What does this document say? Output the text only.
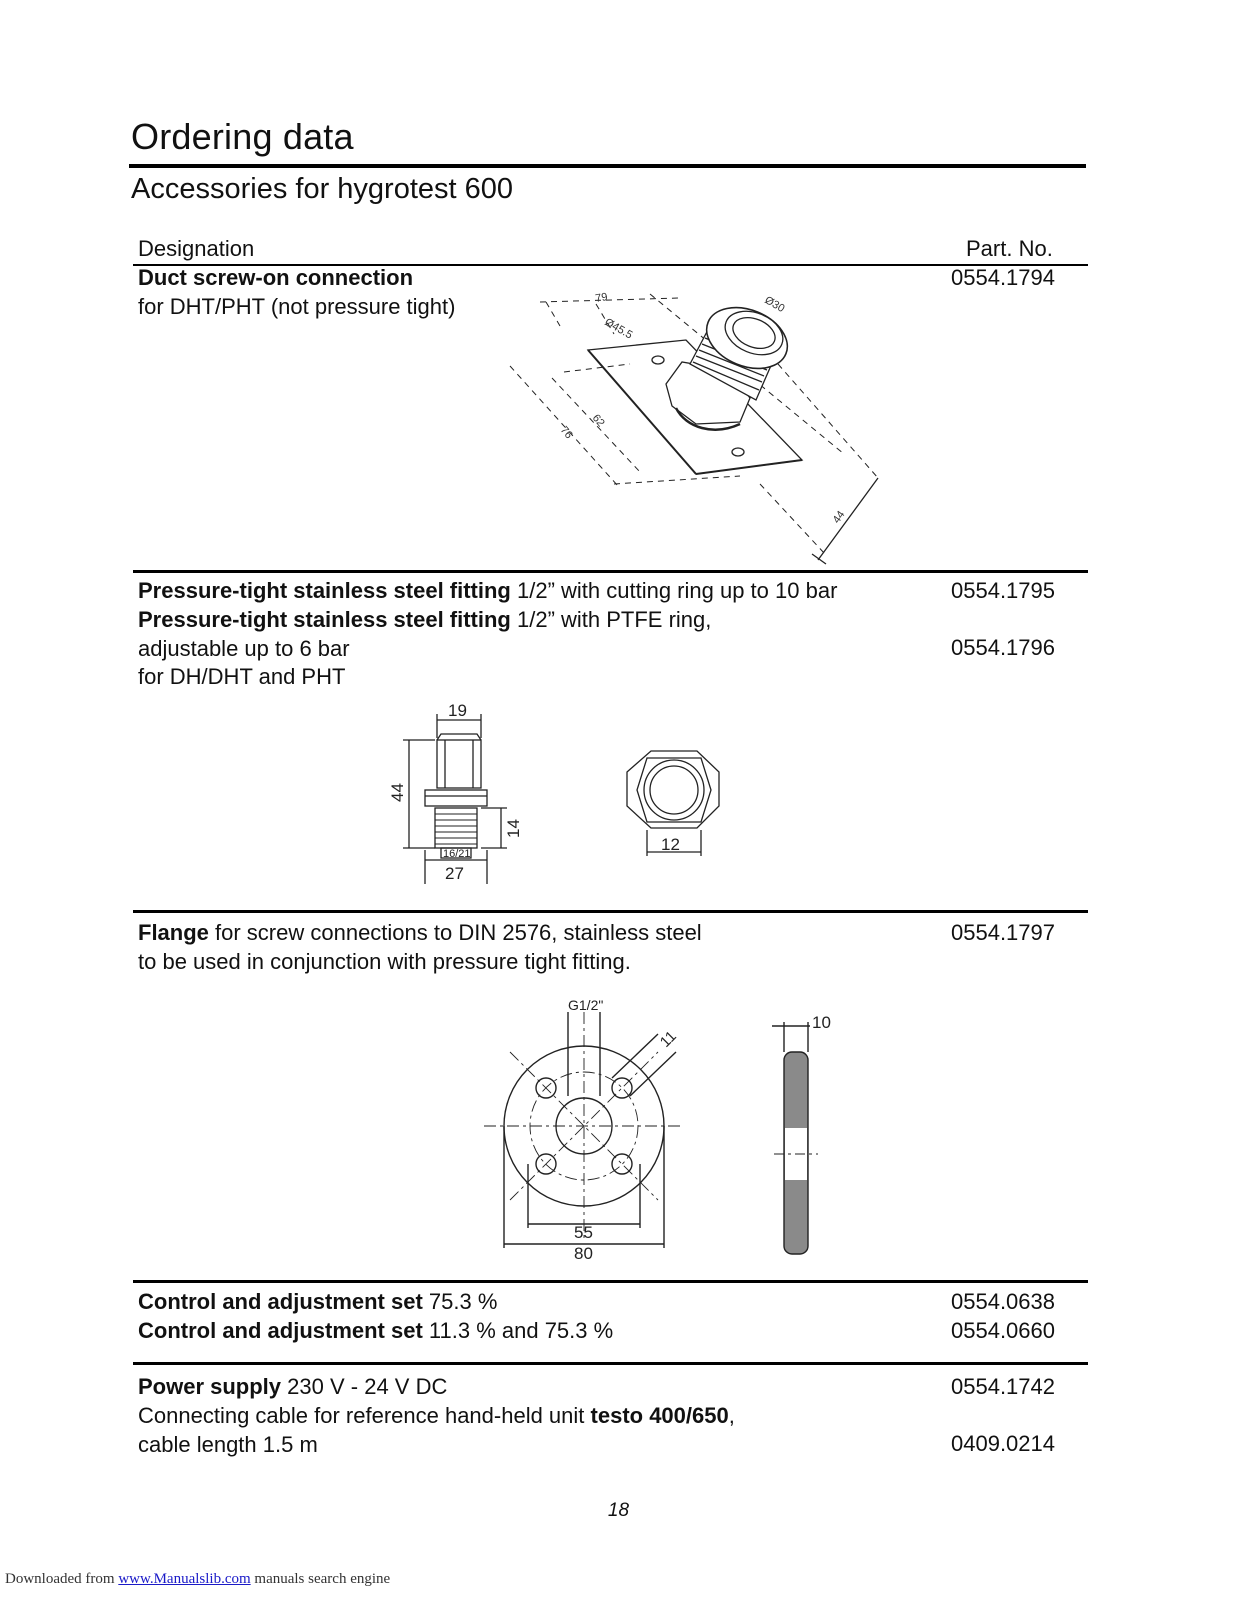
Ordering data
Accessories for hygrotest 600
Designation	Part. No.
Duct screw-on connection
for DHT/PHT (not pressure tight)
0554.1794
79	Ø30
Ø45.5
62
76
44
Pressure-tight stainless steel fitting 1/2” with cutting ring up to 10 bar	0554.1795
Pressure-tight stainless steel fitting 1/2” with PTFE ring,
adjustable up to 6 bar
for DH/DHT and PHT
0554.1796
19
44
14
16/21
27
12
Flange for screw connections to DIN 2576, stainless steel
to be used in conjunction with pressure tight fitting.
0554.1797
G1/2"
11
55
80
10
Control and adjustment set 75.3 %	0554.0638
Control and adjustment set 11.3 % and 75.3 %	0554.0660
Power supply 230 V - 24 V DC	0554.1742
Connecting cable for reference hand-held unit testo 400/650,
cable length 1.5 m	0409.0214
18
Downloaded from www.Manualslib.com manuals search engine
